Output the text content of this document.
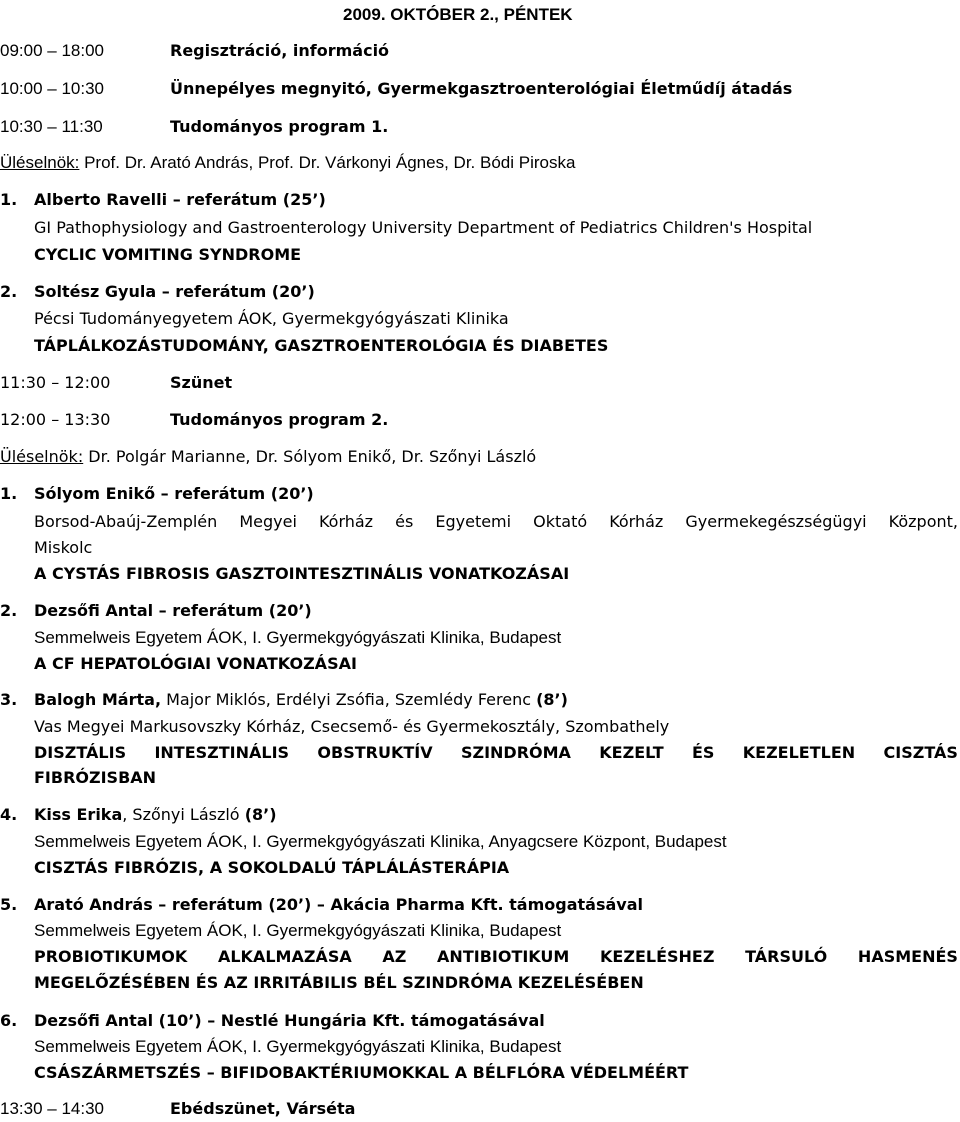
2009. OKTÓBER 2., PÉNTEK
09:00 – 18:00	Regisztráció, információ
10:00 – 10:30	Ünnepélyes megnyitó, Gyermekgasztroenterológiai Életműdíj átadás
10:30 – 11:30	Tudományos program 1.
Üléselnök: Prof. Dr. Arató András, Prof. Dr. Várkonyi Ágnes, Dr. Bódi Piroska
1. Alberto Ravelli – referátum (25’)
GI Pathophysiology and Gastroenterology University Department of Pediatrics Children's Hospital
CYCLIC VOMITING SYNDROME
2. Soltész Gyula – referátum (20’)
Pécsi Tudományegyetem ÁOK, Gyermekgyógyászati Klinika
TÁPLÁLKOZÁSTUDOMÁNY, GASZTROENTEROLÓGIA ÉS DIABETES
11:30 – 12:00	Szünet
12:00 – 13:30	Tudományos program 2.
Üléselnök: Dr. Polgár Marianne, Dr. Sólyom Enikő, Dr. Szőnyi László
1. Sólyom Enikő – referátum (20’)
Borsod-Abaúj-Zemplén Megyei Kórház és Egyetemi Oktató Kórház Gyermekegészségügyi Központ,
Miskolc
A CYSTÁS FIBROSIS GASZTOINTESZTINÁLIS VONATKOZÁSAI
2. Dezsőfi Antal – referátum (20’)
Semmelweis Egyetem ÁOK, I. Gyermekgyógyászati Klinika, Budapest
A CF HEPATOLÓGIAI VONATKOZÁSAI
3. Balogh Márta, Major Miklós, Erdélyi Zsófia, Szemlédy Ferenc (8’)
Vas Megyei Markusovszky Kórház, Csecsemő- és Gyermekosztály, Szombathely
DISZTÁLIS INTESZTINÁLIS OBSTRUKTÍV SZINDRÓMA KEZELT ÉS KEZELETLEN CISZTÁS
FIBRÓZISBAN
4. Kiss Erika, Szőnyi László (8’)
Semmelweis Egyetem ÁOK, I. Gyermekgyógyászati Klinika, Anyagcsere Központ, Budapest
CISZTÁS FIBRÓZIS, A SOKOLDALÚ TÁPLÁLÁSTERÁPIA
5. Arató András – referátum (20’) – Akácia Pharma Kft. támogatásával
Semmelweis Egyetem ÁOK, I. Gyermekgyógyászati Klinika, Budapest
PROBIOTIKUMOK ALKALMAZÁSA AZ ANTIBIOTIKUM KEZELÉSHEZ TÁRSULÓ HASMENÉS
MEGELŐZÉSÉBEN ÉS AZ IRRITÁBILIS BÉL SZINDRÓMA KEZELÉSÉBEN
6. Dezsőfi Antal (10’) – Nestlé Hungária Kft. támogatásával
Semmelweis Egyetem ÁOK, I. Gyermekgyógyászati Klinika, Budapest
CSÁSZÁRMETSZÉS – BIFIDOBAKTÉRIUMOKKAL A BÉLFLÓRA VÉDELMÉÉRT
13:30 – 14:30	Ebédszünet, Várséta
